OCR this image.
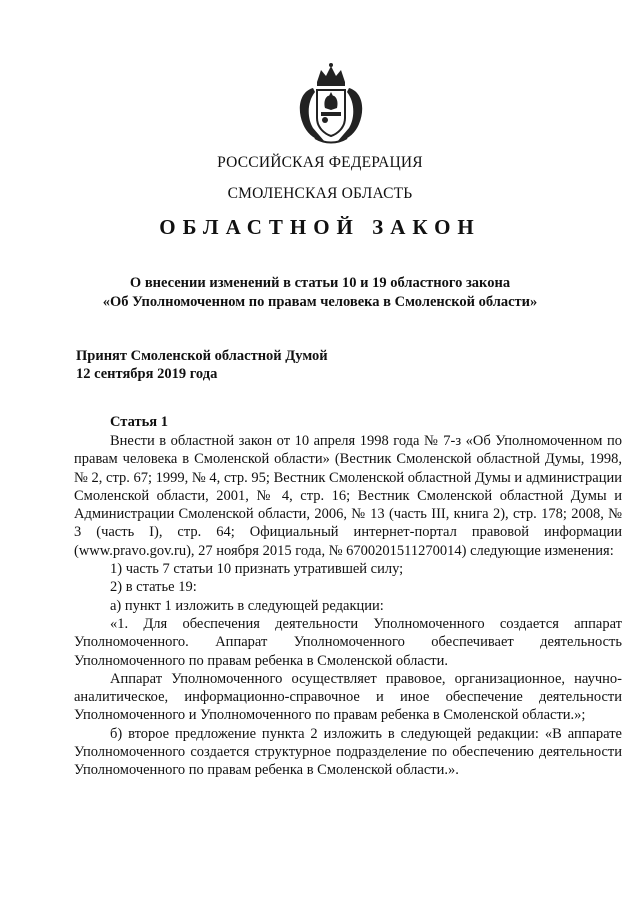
РОССИЙСКАЯ ФЕДЕРАЦИЯ
СМОЛЕНСКАЯ ОБЛАСТЬ
ОБЛАСТНОЙ ЗАКОН
О внесении изменений в статьи 10 и 19 областного закона
«Об Уполномоченном по правам человека в Смоленской области»
Принят Смоленской областной Думой
12 сентября 2019 года
Статья 1

Внести в областной закон от 10 апреля 1998 года № 7-з «Об Уполномоченном по правам человека в Смоленской области» (Вестник Смоленской областной Думы, 1998, № 2, стр. 67; 1999, № 4, стр. 95; Вестник Смоленской областной Думы и администрации Смоленской области, 2001, № 4, стр. 16; Вестник Смоленской областной Думы и Администрации Смоленской области, 2006, № 13 (часть III, книга 2), стр. 178; 2008, № 3 (часть I), стр. 64; Официальный интернет-портал правовой информации (www.pravo.gov.ru), 27 ноября 2015 года, № 6700201511270014) следующие изменения:

1) часть 7 статьи 10 признать утратившей силу;

2) в статье 19:

а) пункт 1 изложить в следующей редакции:

«1. Для обеспечения деятельности Уполномоченного создается аппарат Уполномоченного. Аппарат Уполномоченного обеспечивает деятельность Уполномоченного по правам ребенка в Смоленской области.

Аппарат Уполномоченного осуществляет правовое, организационное, научно-аналитическое, информационно-справочное и иное обеспечение деятельности Уполномоченного и Уполномоченного по правам ребенка в Смоленской области.»;

б) второе предложение пункта 2 изложить в следующей редакции: «В аппарате Уполномоченного создается структурное подразделение по обеспечению деятельности Уполномоченного по правам ребенка в Смоленской области.».
